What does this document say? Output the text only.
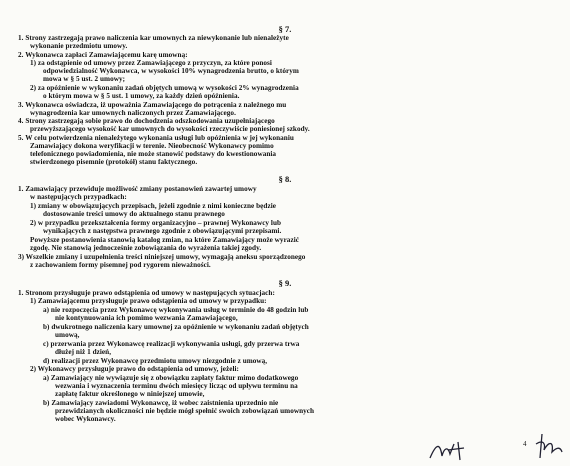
§ 7.
1. Strony zastrzegają prawo naliczenia kar umownych za niewykonanie lub nienależyte
wykonanie przedmiotu umowy.
2. Wykonawca zapłaci Zamawiającemu karę umowną:
1) za odstąpienie od umowy przez Zamawiającego z przyczyn, za które ponosi
odpowiedzialność Wykonawca, w wysokości 10% wynagrodzenia brutto, o którym
mowa w § 5 ust. 2 umowy;
2) za opóźnienie w wykonaniu zadań objętych umową w wysokości 2% wynagrodzenia
o którym mowa w § 5 ust. 1 umowy, za każdy dzień opóźnienia.
3. Wykonawca oświadcza, iż upoważnia Zamawiającego do potrącenia z należnego mu
wynagrodzenia kar umownych naliczonych przez Zamawiającego.
4. Strony zastrzegają sobie prawo do dochodzenia odszkodowania uzupełniającego
przewyższającego wysokość kar umownych do wysokości rzeczywiście poniesionej szkody.
5. W celu potwierdzenia nienależytego wykonania usługi lub opóźnienia w jej wykonaniu
Zamawiający dokona weryfikacji w terenie. Nieobecność Wykonawcy pomimo
telefonicznego powiadomienia, nie może stanowić podstawy do kwestionowania
stwierdzonego pisemnie (protokół) stanu faktycznego.
§ 8.
1. Zamawiający przewiduje możliwość zmiany postanowień zawartej umowy
w następujących przypadkach:
1) zmiany w obowiązujących przepisach, jeżeli zgodnie z nimi konieczne będzie
dostosowanie treści umowy do aktualnego stanu prawnego
2) w przypadku przekształcenia formy organizacyjno – prawnej Wykonawcy lub
wynikających z następstwa prawnego zgodnie z obowiązującymi przepisami.
Powyższe postanowienia stanowią katalog zmian, na które Zamawiający może wyrazić
zgodę. Nie stanowią jednocześnie zobowiązania do wyrażenia takiej zgody.
3) Wszelkie zmiany i uzupełnienia treści niniejszej umowy, wymagają aneksu sporządzonego
z zachowaniem formy pisemnej pod rygorem nieważności.
§ 9.
1. Stronom przysługuje prawo odstąpienia od umowy w następujących sytuacjach:
1) Zamawiającemu przysługuje prawo odstąpienia od umowy w przypadku:
a) nie rozpoczęcia przez Wykonawcę wykonywania usług w terminie do 48 godzin lub
nie kontynuowania ich pomimo wezwania Zamawiającego,
b) dwukrotnego naliczenia kary umownej za opóźnienie w wykonaniu zadań objętych
umową,
c) przerwania przez Wykonawcę realizacji wykonywania usługi, gdy przerwa trwa
dłużej niż 1 dzień,
d) realizacji przez Wykonawcę przedmiotu umowy niezgodnie z umową,
2) Wykonawcy przysługuje prawo do odstąpienia od umowy, jeżeli:
a) Zamawiający nie wywiązuje się z obowiązku zapłaty faktur mimo dodatkowego
wezwania i wyznaczenia terminu dwóch miesięcy licząc od upływu terminu na
zapłatę faktur określonego w niniejszej umowie,
b) Zamawiający zawiadomi Wykonawcę, iż wobec zaistnienia uprzednio nie
przewidzianych okoliczności nie będzie mógł spełnić swoich zobowiązań umownych
wobec Wykonawcy.
4
